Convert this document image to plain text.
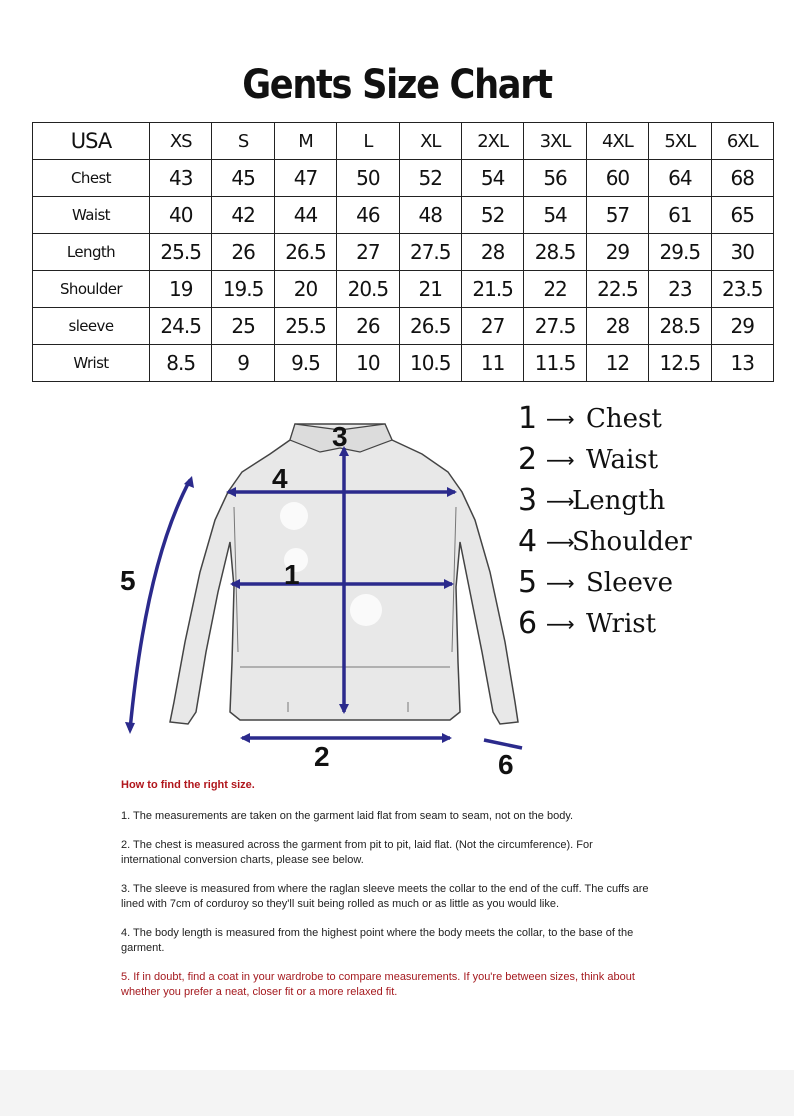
Gents Size Chart
USA	XS	S	M	L	XL	2XL	3XL	4XL	5XL	6XL
Chest	43	45	47	50	52	54	56	60	64	68
Waist	40	42	44	46	48	52	54	57	61	65
Length	25.5	26	26.5	27	27.5	28	28.5	29	29.5	30
Shoulder	19	19.5	20	20.5	21	21.5	22	22.5	23	23.5
sleeve	24.5	25	25.5	26	26.5	27	27.5	28	28.5	29
Wrist	8.5	9	9.5	10	10.5	11	11.5	12	12.5	13
1
2
3
4
5
6
1 ⟶ Chest
2 ⟶ Waist
3 ⟶
Length
4 ⟶
Shoulder
5 ⟶ Sleeve
6 ⟶ Wrist
How to find the right size.

1. The measurements are taken on the garment laid flat from seam to seam, not on the body.

2. The chest is measured across the garment from pit to pit, laid flat. (Not the circumference). For international conversion charts, please see below.

3. The sleeve is measured from where the raglan sleeve meets the collar to the end of the cuff. The cuffs are lined with 7cm of corduroy so they'll suit being rolled as much or as little as you would like.

4. The body length is measured from the highest point where the body meets the collar, to the base of the garment.

5. If in doubt, find a coat in your wardrobe to compare measurements. If you're between sizes, think about whether you prefer a neat, closer fit or a more relaxed fit.
